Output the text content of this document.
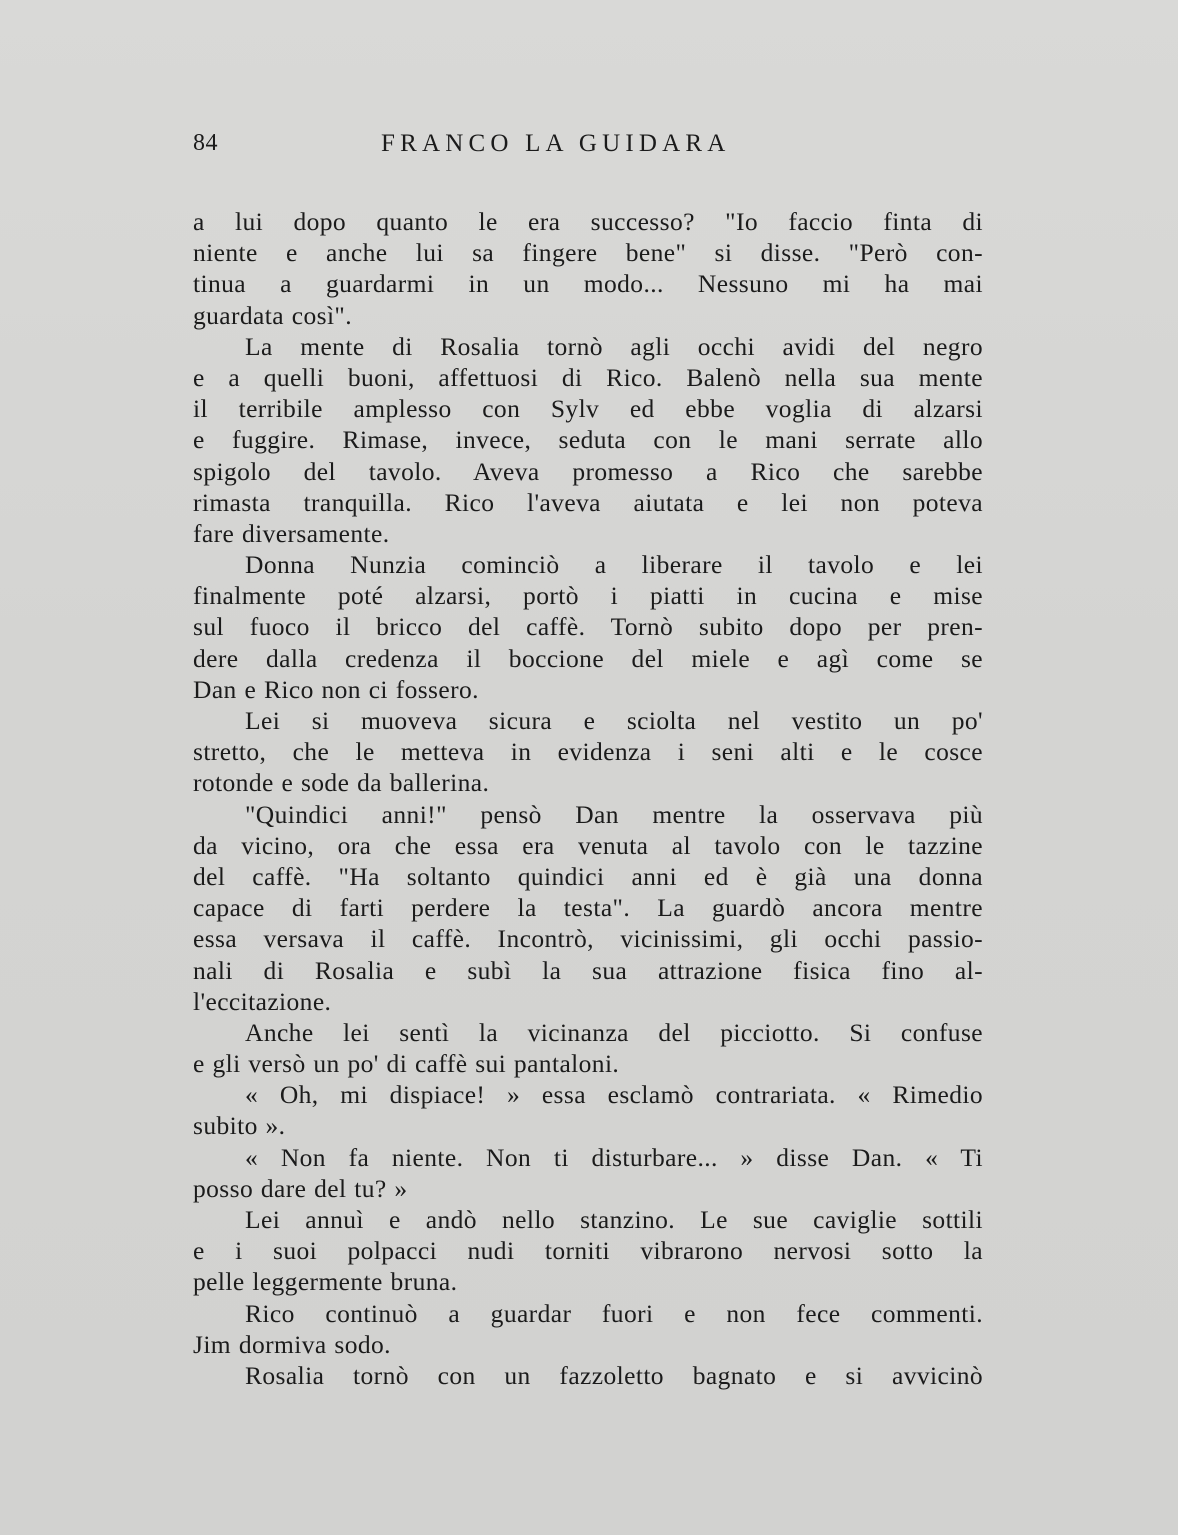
84	FRANCO LA GUIDARA

a lui dopo quanto le era successo? "Io faccio finta di

niente e anche lui sa fingere bene" si disse. "Però con-

tinua a guardarmi in un modo... Nessuno mi ha mai

guardata così".

La mente di Rosalia tornò agli occhi avidi del negro

e a quelli buoni, affettuosi di Rico. Balenò nella sua mente

il terribile amplesso con Sylv ed ebbe voglia di alzarsi

e fuggire. Rimase, invece, seduta con le mani serrate allo

spigolo del tavolo. Aveva promesso a Rico che sarebbe

rimasta tranquilla. Rico l'aveva aiutata e lei non poteva

fare diversamente.

Donna Nunzia cominciò a liberare il tavolo e lei

finalmente poté alzarsi, portò i piatti in cucina e mise

sul fuoco il bricco del caffè. Tornò subito dopo per pren-

dere dalla credenza il boccione del miele e agì come se

Dan e Rico non ci fossero.

Lei si muoveva sicura e sciolta nel vestito un po'

stretto, che le metteva in evidenza i seni alti e le cosce

rotonde e sode da ballerina.

"Quindici anni!" pensò Dan mentre la osservava più

da vicino, ora che essa era venuta al tavolo con le tazzine

del caffè. "Ha soltanto quindici anni ed è già una donna

capace di farti perdere la testa". La guardò ancora mentre

essa versava il caffè. Incontrò, vicinissimi, gli occhi passio-

nali di Rosalia e subì la sua attrazione fisica fino al-

l'eccitazione.

Anche lei sentì la vicinanza del picciotto. Si confuse

e gli versò un po' di caffè sui pantaloni.

« Oh, mi dispiace! » essa esclamò contrariata. « Rimedio

subito ».

« Non fa niente. Non ti disturbare... » disse Dan. « Ti

posso dare del tu? »

Lei annuì e andò nello stanzino. Le sue caviglie sottili

e i suoi polpacci nudi torniti vibrarono nervosi sotto la

pelle leggermente bruna.

Rico continuò a guardar fuori e non fece commenti.

Jim dormiva sodo.

Rosalia tornò con un fazzoletto bagnato e si avvicinò
